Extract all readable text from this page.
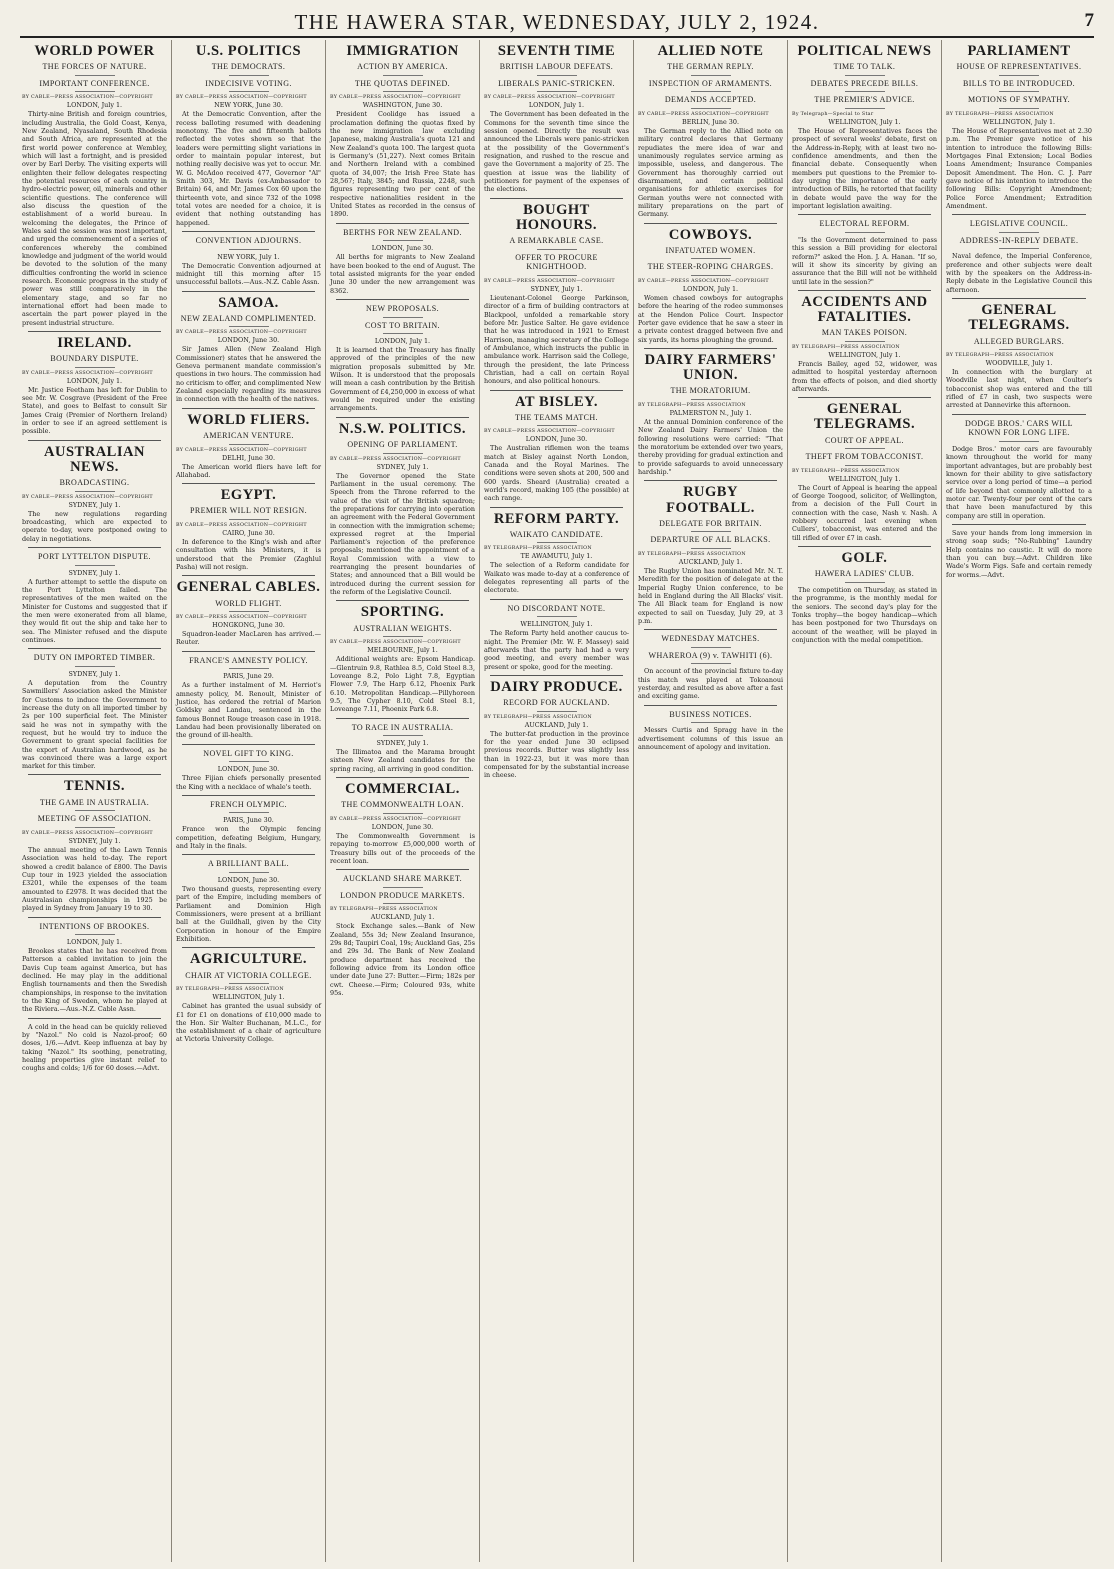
THE HAWERA STAR, WEDNESDAY, JULY 2, 1924.	7
WORLD POWER
THE FORCES OF NATURE.
IMPORTANT CONFERENCE.
BY CABLE—PRESS ASSOCIATION—COPYRIGHT
LONDON, July 1.

Thirty-nine British and foreign countries, including Australia, the Gold Coast, Kenya, New Zealand, Nyasaland, South Rhodesia and South Africa, are represented at the first world power conference at Wembley, which will last a fortnight, and is presided over by Earl Derby. The visiting experts will enlighten their fellow delegates respecting the potential resources of each country in hydro-electric power, oil, minerals and other scientific questions. The conference will also discuss the question of the establishment of a world bureau. In welcoming the delegates, the Prince of Wales said the session was most important, and urged the commencement of a series of conferences whereby the combined knowledge and judgment of the world would be devoted to the solution of the many difficulties confronting the world in science research. Economic progress in the study of power was still comparatively in the elementary stage, and so far no international effort had been made to ascertain the part power played in the present industrial structure.

IRELAND.
BOUNDARY DISPUTE.
BY CABLE—PRESS ASSOCIATION—COPYRIGHT
LONDON, July 1.

Mr. Justice Feetham has left for Dublin to see Mr. W. Cosgrave (President of the Free State), and goes to Belfast to consult Sir James Craig (Premier of Northern Ireland) in order to see if an agreed settlement is possible.

AUSTRALIAN NEWS.
BROADCASTING.
BY CABLE—PRESS ASSOCIATION—COPYRIGHT
SYDNEY, July 1.

The new regulations regarding broadcasting, which are expected to operate to-day, were postponed owing to delay in negotiations.

PORT LYTTELTON DISPUTE.
SYDNEY, July 1.

A further attempt to settle the dispute on the Port Lyttelton failed. The representatives of the men waited on the Minister for Customs and suggested that if the men were exonerated from all blame, they would fit out the ship and take her to sea. The Minister refused and the dispute continues.

DUTY ON IMPORTED TIMBER.
SYDNEY, July 1.

A deputation from the Country Sawmillers' Association asked the Minister for Customs to induce the Government to increase the duty on all imported timber by 2s per 100 superficial feet. The Minister said he was not in sympathy with the request, but he would try to induce the Government to grant special facilities for the export of Australian hardwood, as he was convinced there was a large export market for this timber.

TENNIS.
THE GAME IN AUSTRALIA.
MEETING OF ASSOCIATION.
BY CABLE—PRESS ASSOCIATION—COPYRIGHT
SYDNEY, July 1.

The annual meeting of the Lawn Tennis Association was held to-day. The report showed a credit balance of £800. The Davis Cup tour in 1923 yielded the association £3201, while the expenses of the team amounted to £2978. It was decided that the Australasian championships in 1925 be played in Sydney from January 19 to 30.

INTENTIONS OF BROOKES.
LONDON, July 1.

Brookes states that he has received from Patterson a cabled invitation to join the Davis Cup team against America, but has declined. He may play in the additional English tournaments and then the Swedish championships, in response to the invitation to the King of Sweden, whom he played at the Riviera.—Aus.-N.Z. Cable Assn.

A cold in the head can be quickly relieved by "Nazol." No cold is Nazol-proof; 60 doses, 1/6.—Advt. Keep influenza at bay by taking "Nazol." Its soothing, penetrating, healing properties give instant relief to coughs and colds; 1/6 for 60 doses.—Advt.

U.S. POLITICS
THE DEMOCRATS.
INDECISIVE VOTING.
BY CABLE—PRESS ASSOCIATION—COPYRIGHT
NEW YORK, June 30.

At the Democratic Convention, after the recess balloting resumed with deadening monotony. The five and fifteenth ballots reflected the votes shown so that the leaders were permitting slight variations in order to maintain popular interest, but nothing really decisive was yet to occur. Mr. W. G. McAdoo received 477, Governor "Al" Smith 303, Mr. Davis (ex-Ambassador to Britain) 64, and Mr. James Cox 60 upon the thirteenth vote, and since 732 of the 1098 total votes are needed for a choice, it is evident that nothing outstanding has happened.

CONVENTION ADJOURNS.
NEW YORK, July 1.

The Democratic Convention adjourned at midnight till this morning after 15 unsuccessful ballots.—Aus.-N.Z. Cable Assn.

SAMOA.
NEW ZEALAND COMPLIMENTED.
BY CABLE—PRESS ASSOCIATION—COPYRIGHT
LONDON, June 30.

Sir James Allen (New Zealand High Commissioner) states that he answered the Geneva permanent mandate commission's questions in two hours. The commission had no criticism to offer, and complimented New Zealand especially regarding its measures in connection with the health of the natives.

WORLD FLIERS.
AMERICAN VENTURE.
BY CABLE—PRESS ASSOCIATION—COPYRIGHT
DELHI, June 30.

The American world fliers have left for Allahabad.

EGYPT.
PREMIER WILL NOT RESIGN.
BY CABLE—PRESS ASSOCIATION—COPYRIGHT
CAIRO, June 30.

In deference to the King's wish and after consultation with his Ministers, it is understood that the Premier (Zaghlul Pasha) will not resign.

GENERAL CABLES.
WORLD FLIGHT.
BY CABLE—PRESS ASSOCIATION—COPYRIGHT
HONGKONG, June 30.

Squadron-leader MacLaren has arrived.—Reuter.

FRANCE'S AMNESTY POLICY.
PARIS, June 29.

As a further instalment of M. Herriot's amnesty policy, M. Renoult, Minister of Justice, has ordered the retrial of Marion Goldsky and Landau, sentenced in the famous Bonnet Rouge treason case in 1918. Landau had been provisionally liberated on the ground of ill-health.

NOVEL GIFT TO KING.
LONDON, June 30.

Three Fijian chiefs personally presented the King with a necklace of whale's teeth.

FRENCH OLYMPIC.
PARIS, June 30.

France won the Olympic fencing competition, defeating Belgium, Hungary, and Italy in the finals.

A BRILLIANT BALL.
LONDON, June 30.

Two thousand guests, representing every part of the Empire, including members of Parliament and Dominion High Commissioners, were present at a brilliant ball at the Guildhall, given by the City Corporation in honour of the Empire Exhibition.

AGRICULTURE.
CHAIR AT VICTORIA COLLEGE.
BY TELEGRAPH—PRESS ASSOCIATION
WELLINGTON, July 1.

Cabinet has granted the usual subsidy of £1 for £1 on donations of £10,000 made to the Hon. Sir Walter Buchanan, M.L.C., for the establishment of a chair of agriculture at Victoria University College.

IMMIGRATION
ACTION BY AMERICA.
THE QUOTAS DEFINED.
BY CABLE—PRESS ASSOCIATION—COPYRIGHT
WASHINGTON, June 30.

President Coolidge has issued a proclamation defining the quotas fixed by the new immigration law excluding Japanese, making Australia's quota 121 and New Zealand's quota 100. The largest quota is Germany's (51,227). Next comes Britain and Northern Ireland with a combined quota of 34,007; the Irish Free State has 28,567; Italy, 3845; and Russia, 2248, such figures representing two per cent of the respective nationalities resident in the United States as recorded in the census of 1890.

BERTHS FOR NEW ZEALAND.
LONDON, June 30.

All berths for migrants to New Zealand have been booked to the end of August. The total assisted migrants for the year ended June 30 under the new arrangement was 8362.

NEW PROPOSALS.
COST TO BRITAIN.
LONDON, July 1.

It is learned that the Treasury has finally approved of the principles of the new migration proposals submitted by Mr. Wilson. It is understood that the proposals will mean a cash contribution by the British Government of £4,250,000 in excess of what would be required under the existing arrangements.

N.S.W. POLITICS.
OPENING OF PARLIAMENT.
BY CABLE—PRESS ASSOCIATION—COPYRIGHT
SYDNEY, July 1.

The Governor opened the State Parliament in the usual ceremony. The Speech from the Throne referred to the value of the visit of the British squadron; the preparations for carrying into operation an agreement with the Federal Government in connection with the immigration scheme; expressed regret at the Imperial Parliament's rejection of the preference proposals; mentioned the appointment of a Royal Commission with a view to rearranging the present boundaries of States; and announced that a Bill would be introduced during the current session for the reform of the Legislative Council.

SPORTING.
AUSTRALIAN WEIGHTS.
BY CABLE—PRESS ASSOCIATION—COPYRIGHT
MELBOURNE, July 1.

Additional weights are: Epsom Handicap.—Glentruin 9.8, Rathlea 8.5, Cold Steel 8.3, Loveange 8.2, Polo Light 7.8, Egyptian Flower 7.9, The Harp 6.12, Phoenix Park 6.10. Metropolitan Handicap.—Pillyhoreen 9.5, The Cypher 8.10, Cold Steel 8.1, Loveange 7.11, Phoenix Park 6.8.

TO RACE IN AUSTRALIA.
SYDNEY, July 1.

The Illimatoa and the Marama brought sixteen New Zealand candidates for the spring racing, all arriving in good condition.

COMMERCIAL.
THE COMMONWEALTH LOAN.
BY CABLE—PRESS ASSOCIATION—COPYRIGHT
LONDON, June 30.

The Commonwealth Government is repaying to-morrow £5,000,000 worth of Treasury bills out of the proceeds of the recent loan.

AUCKLAND SHARE MARKET.
LONDON PRODUCE MARKETS.
BY TELEGRAPH—PRESS ASSOCIATION
AUCKLAND, July 1.

Stock Exchange sales.—Bank of New Zealand, 55s 3d; New Zealand Insurance, 29s 8d; Taupiri Coal, 19s; Auckland Gas, 25s and 29s 3d. The Bank of New Zealand produce department has received the following advice from its London office under date June 27: Butter.—Firm; 182s per cwt. Cheese.—Firm; Coloured 93s, white 95s.

SEVENTH TIME
BRITISH LABOUR DEFEATS.
LIBERALS PANIC-STRICKEN.
BY CABLE—PRESS ASSOCIATION—COPYRIGHT
LONDON, July 1.

The Government has been defeated in the Commons for the seventh time since the session opened. Directly the result was announced the Liberals were panic-stricken at the possibility of the Government's resignation, and rushed to the rescue and gave the Government a majority of 25. The question at issue was the liability of petitioners for payment of the expenses of the elections.

BOUGHT HONOURS.
A REMARKABLE CASE.
OFFER TO PROCURE KNIGHTHOOD.
BY CABLE—PRESS ASSOCIATION—COPYRIGHT
SYDNEY, July 1.

Lieutenant-Colonel George Parkinson, director of a firm of building contractors at Blackpool, unfolded a remarkable story before Mr. Justice Salter. He gave evidence that he was introduced in 1921 to Ernest Harrison, managing secretary of the College of Ambulance, which instructs the public in ambulance work. Harrison said the College, through the president, the late Princess Christian, had a call on certain Royal honours, and also political honours.

AT BISLEY.
THE TEAMS MATCH.
BY CABLE—PRESS ASSOCIATION—COPYRIGHT
LONDON, June 30.

The Australian riflemen won the teams match at Bisley against North London, Canada and the Royal Marines. The conditions were seven shots at 200, 500 and 600 yards. Sheard (Australia) created a world's record, making 105 (the possible) at each range.

REFORM PARTY.
WAIKATO CANDIDATE.
BY TELEGRAPH—PRESS ASSOCIATION
TE AWAMUTU, July 1.

The selection of a Reform candidate for Waikato was made to-day at a conference of delegates representing all parts of the electorate.

NO DISCORDANT NOTE.
WELLINGTON, July 1.

The Reform Party held another caucus to-night. The Premier (Mr. W. F. Massey) said afterwards that the party had had a very good meeting, and every member was present or spoke, good for the meeting.

DAIRY PRODUCE.
RECORD FOR AUCKLAND.
BY TELEGRAPH—PRESS ASSOCIATION
AUCKLAND, July 1.

The butter-fat production in the province for the year ended June 30 eclipsed previous records. Butter was slightly less than in 1922-23, but it was more than compensated for by the substantial increase in cheese.

ALLIED NOTE
THE GERMAN REPLY.
INSPECTION OF ARMAMENTS.
DEMANDS ACCEPTED.
BY CABLE—PRESS ASSOCIATION—COPYRIGHT
BERLIN, June 30.

The German reply to the Allied note on military control declares that Germany repudiates the mere idea of war and unanimously regulates service arming as impossible, useless, and dangerous. The Government has thoroughly carried out disarmament, and certain political organisations for athletic exercises for German youths were not connected with military preparations on the part of Germany.

COWBOYS.
INFATUATED WOMEN.
THE STEER-ROPING CHARGES.
BY CABLE—PRESS ASSOCIATION—COPYRIGHT
LONDON, July 1.

Women chased cowboys for autographs before the hearing of the rodeo summonses at the Hendon Police Court. Inspector Porter gave evidence that he saw a steer in a private contest dragged between five and six yards, its horns ploughing the ground.

DAIRY FARMERS' UNION.
THE MORATORIUM.
BY TELEGRAPH—PRESS ASSOCIATION
PALMERSTON N., July 1.

At the annual Dominion conference of the New Zealand Dairy Farmers' Union the following resolutions were carried: "That the moratorium be extended over two years, thereby providing for gradual extinction and to provide safeguards to avoid unnecessary hardship."

RUGBY FOOTBALL.
DELEGATE FOR BRITAIN.
DEPARTURE OF ALL BLACKS.
BY TELEGRAPH—PRESS ASSOCIATION
AUCKLAND, July 1.

The Rugby Union has nominated Mr. N. T. Meredith for the position of delegate at the Imperial Rugby Union conference, to be held in England during the All Blacks' visit. The All Black team for England is now expected to sail on Tuesday, July 29, at 3 p.m.

WEDNESDAY MATCHES.
WHAREROA (9) v. TAWHITI (6).

On account of the provincial fixture to-day this match was played at Tokoanoui yesterday, and resulted as above after a fast and exciting game.

BUSINESS NOTICES.

Messrs Curtis and Spragg have in the advertisement columns of this issue an announcement of apology and invitation.

POLITICAL NEWS
TIME TO TALK.
DEBATES PRECEDE BILLS.
THE PREMIER'S ADVICE.
By Telegraph—Special to Star
WELLINGTON, July 1.

The House of Representatives faces the prospect of several weeks' debate, first on the Address-in-Reply, with at least two no-confidence amendments, and then the financial debate. Consequently when members put questions to the Premier to-day urging the importance of the early introduction of Bills, he retorted that facility in debate would pave the way for the important legislation awaiting.

ELECTORAL REFORM.

"Is the Government determined to pass this session a Bill providing for electoral reform?" asked the Hon. J. A. Hanan. "If so, will it show its sincerity by giving an assurance that the Bill will not be withheld until late in the session?"

ACCIDENTS AND FATALITIES.
MAN TAKES POISON.
BY TELEGRAPH—PRESS ASSOCIATION
WELLINGTON, July 1.

Francis Bailey, aged 52, widower, was admitted to hospital yesterday afternoon from the effects of poison, and died shortly afterwards.

GENERAL TELEGRAMS.
COURT OF APPEAL.
THEFT FROM TOBACCONIST.
BY TELEGRAPH—PRESS ASSOCIATION
WELLINGTON, July 1.

The Court of Appeal is hearing the appeal of George Toogood, solicitor, of Wellington, from a decision of the Full Court in connection with the case, Nash v. Nash. A robbery occurred last evening when Cullers', tobacconist, was entered and the till rifled of over £7 in cash.

GOLF.
HAWERA LADIES' CLUB.

The competition on Thursday, as stated in the programme, is the monthly medal for the seniors. The second day's play for the Tonks trophy—the bogey handicap—which has been postponed for two Thursdays on account of the weather, will be played in conjunction with the medal competition.

PARLIAMENT
HOUSE OF REPRESENTATIVES.
BILLS TO BE INTRODUCED.
MOTIONS OF SYMPATHY.
BY TELEGRAPH—PRESS ASSOCIATION
WELLINGTON, July 1.

The House of Representatives met at 2.30 p.m. The Premier gave notice of his intention to introduce the following Bills: Mortgages Final Extension; Local Bodies Loans Amendment; Insurance Companies Deposit Amendment. The Hon. C. J. Parr gave notice of his intention to introduce the following Bills: Copyright Amendment; Police Force Amendment; Extradition Amendment.

LEGISLATIVE COUNCIL.
ADDRESS-IN-REPLY DEBATE.

Naval defence, the Imperial Conference, preference and other subjects were dealt with by the speakers on the Address-in-Reply debate in the Legislative Council this afternoon.

GENERAL TELEGRAMS.
ALLEGED BURGLARS.
BY TELEGRAPH—PRESS ASSOCIATION
WOODVILLE, July 1.

In connection with the burglary at Woodville last night, when Coulter's tobacconist shop was entered and the till rifled of £7 in cash, two suspects were arrested at Dannevirke this afternoon.

DODGE BROS.' CARS WILL KNOWN FOR LONG LIFE.

Dodge Bros.' motor cars are favourably known throughout the world for many important advantages, but are probably best known for their ability to give satisfactory service over a long period of time—a period of life beyond that commonly allotted to a motor car. Twenty-four per cent of the cars that have been manufactured by this company are still in operation.

Save your hands from long immersion in strong soap suds; "No-Rubbing" Laundry Help contains no caustic. It will do more than you can buy.—Advt. Children like Wade's Worm Figs. Safe and certain remedy for worms.—Advt.
